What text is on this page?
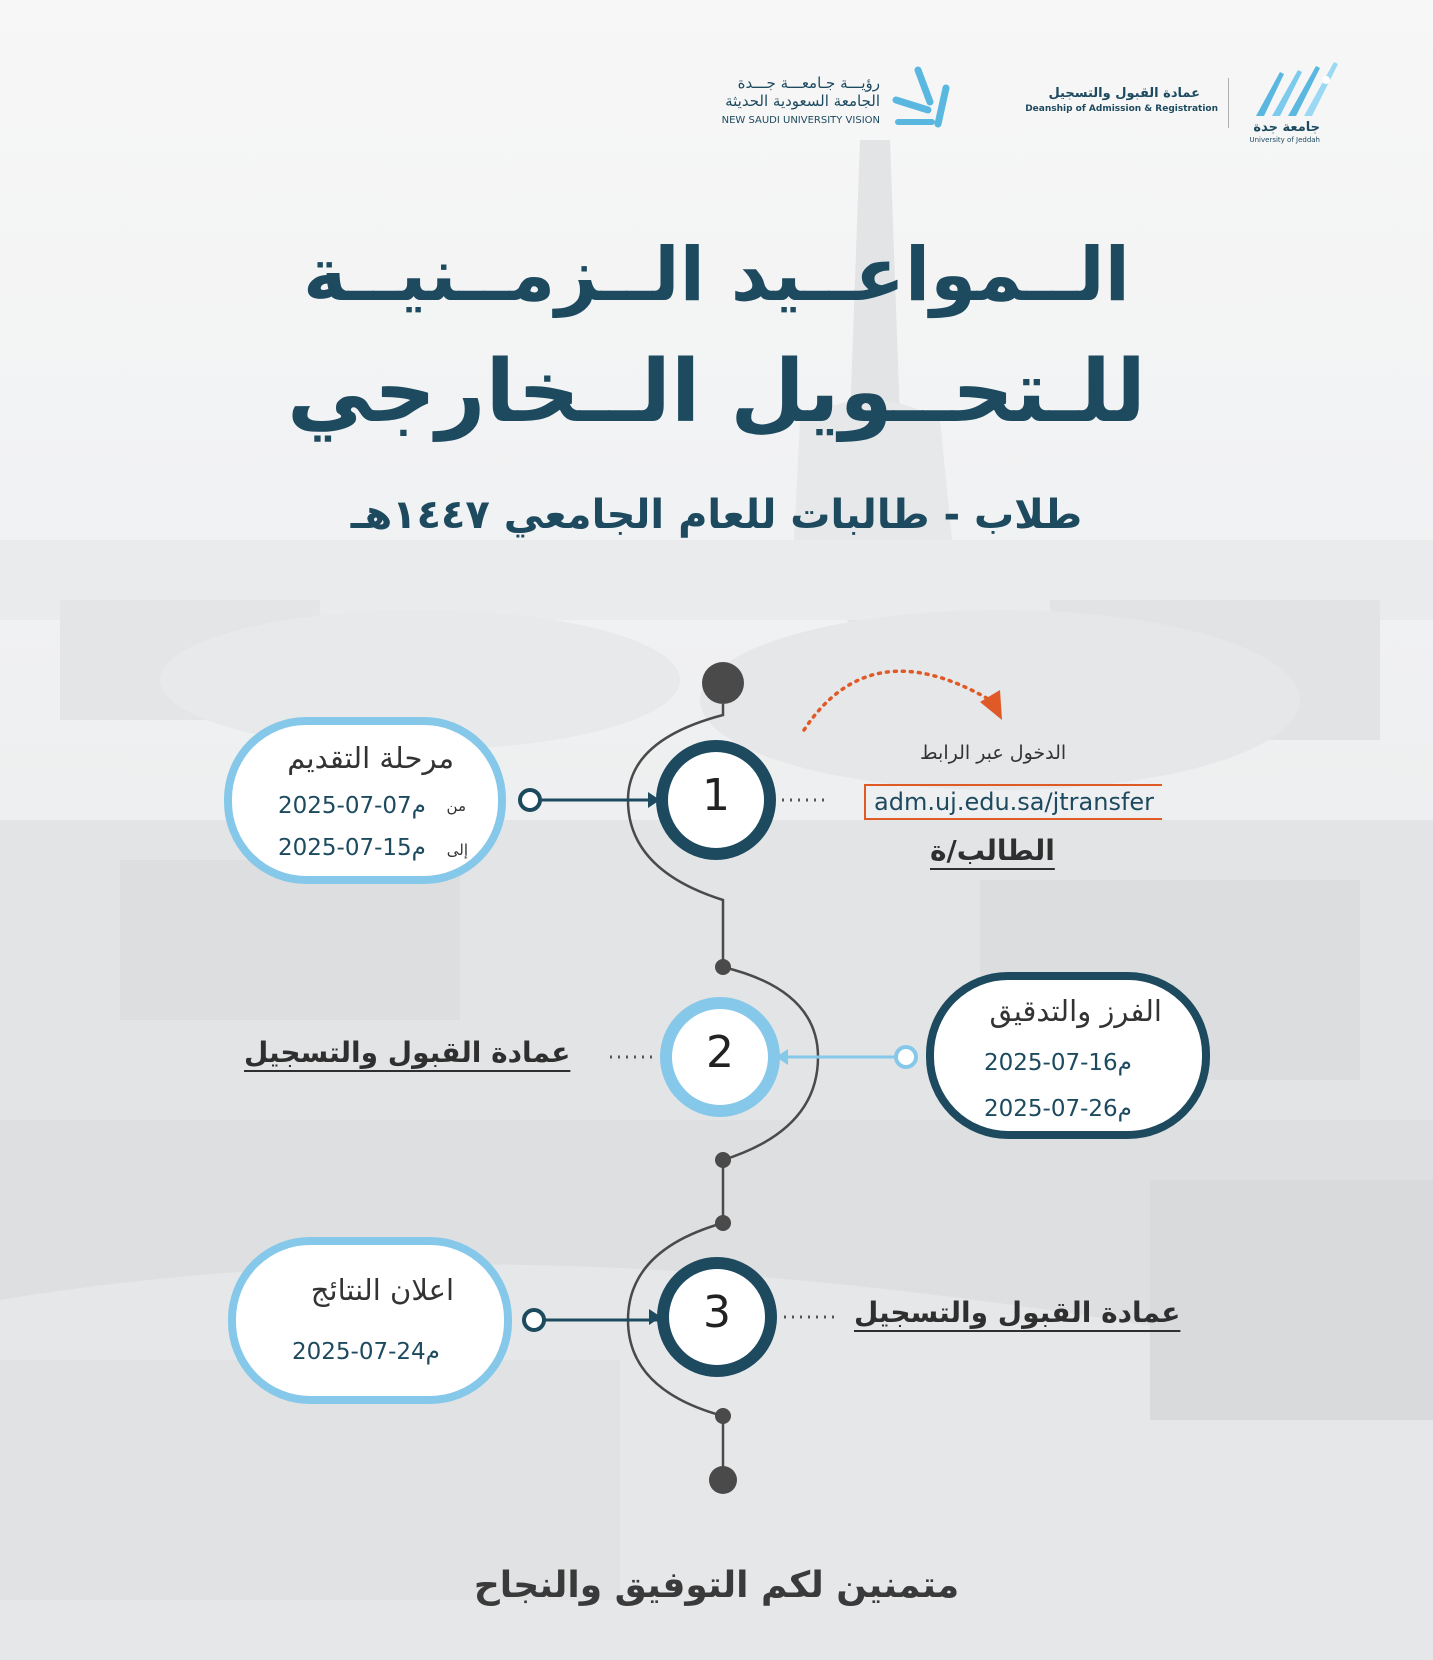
رؤيـــة جـامعـــة جـــدة
الجامعة السعودية الحديثة
NEW SAUDI UNIVERSITY VISION
عمادة القبول والتسجيل
Deanship of Admission & Registration
جامعة جدة
University of Jeddah
الــمواعــيد الــزمــنيــة
للـتحــويل الــخارجي
طلاب - طالبات للعام الجامعي ١٤٤٧هـ
1
2
3
مرحلة التقديم
من
2025-07-07م
إلى
2025-07-15م
الدخول عبر الرابط
adm.uj.edu.sa/jtransfer
الطالب/ة
الفرز والتدقيق
2025-07-16م
2025-07-26م
عمادة القبول والتسجيل
اعلان النتائج
2025-07-24م
عمادة القبول والتسجيل
متمنين لكم التوفيق والنجاح
